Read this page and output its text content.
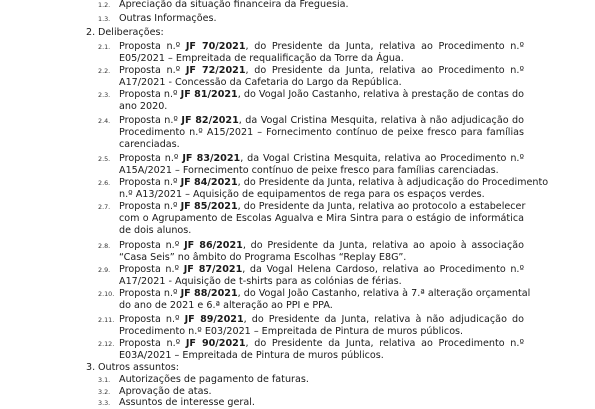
1.2. Apreciação da situação financeira da Freguesia.
1.3. Outras Informações.
2. Deliberações:
2.1. Proposta n.º JF 70/2021, do Presidente da Junta, relativa ao Procedimento n.º
E05/2021 – Empreitada de requalificação da Torre da Água.
2.2. Proposta n.º JF 72/2021, do Presidente da Junta, relativa ao Procedimento n.º
A17/2021 - Concessão da Cafetaria do Largo da República.
2.3. Proposta n.º JF 81/2021, do Vogal João Castanho, relativa à prestação de contas do
ano 2020.
2.4. Proposta n.º JF 82/2021, da Vogal Cristina Mesquita, relativa à não adjudicação do
Procedimento n.º A15/2021 – Fornecimento contínuo de peixe fresco para famílias
carenciadas.
2.5. Proposta n.º JF 83/2021, da Vogal Cristina Mesquita, relativa ao Procedimento n.º
A15A/2021 – Fornecimento contínuo de peixe fresco para famílias carenciadas.
2.6. Proposta n.º JF 84/2021, do Presidente da Junta, relativa à adjudicação do Procedimento
n.º A13/2021 – Aquisição de equipamentos de rega para os espaços verdes.
2.7. Proposta n.º JF 85/2021, do Presidente da Junta, relativa ao protocolo a estabelecer
com o Agrupamento de Escolas Agualva e Mira Sintra para o estágio de informática
de dois alunos.
2.8. Proposta n.º JF 86/2021, do Presidente da Junta, relativa ao apoio à associação
“Casa Seis” no âmbito do Programa Escolhas “Replay E8G”.
2.9. Proposta n.º JF 87/2021, da Vogal Helena Cardoso, relativa ao Procedimento n.º
A17/2021 - Aquisição de t-shirts para as colónias de férias.
2.10. Proposta n.º JF 88/2021, do Vogal João Castanho, relativa à 7.ª alteração orçamental
do ano de 2021 e 6.ª alteração ao PPI e PPA.
2.11. Proposta n.º JF 89/2021, do Presidente da Junta, relativa à não adjudicação do
Procedimento n.º E03/2021 – Empreitada de Pintura de muros públicos.
2.12. Proposta n.º JF 90/2021, do Presidente da Junta, relativa ao Procedimento n.º
E03A/2021 – Empreitada de Pintura de muros públicos.
3. Outros assuntos:
3.1. Autorizações de pagamento de faturas.
3.2. Aprovação de atas.
3.3. Assuntos de interesse geral.
